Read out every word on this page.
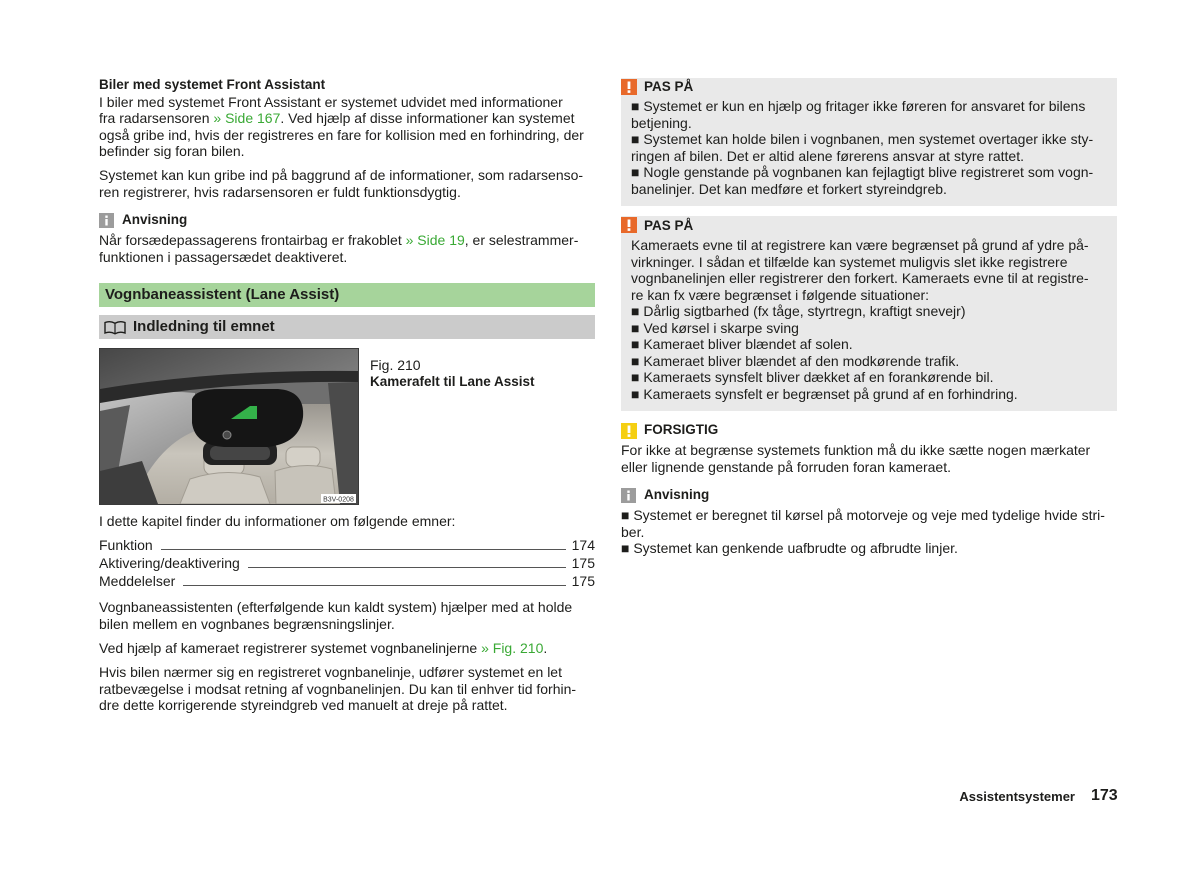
Biler med systemet Front Assistant
I biler med systemet Front Assistant er systemet udvidet med informationer
fra radarsensoren » Side 167. Ved hjælp af disse informationer kan systemet
også gribe ind, hvis der registreres en fare for kollision med en forhindring, der
befinder sig foran bilen.
Systemet kan kun gribe ind på baggrund af de informationer, som radarsenso-
ren registrerer, hvis radarsensoren er fuldt funktionsdygtig.
Anvisning
Når forsædepassagerens frontairbag er frakoblet » Side 19, er selestrammer-
funktionen i passagersædet deaktiveret.
Vognbaneassistent (Lane Assist)
Indledning til emnet
B3V-0208
Fig. 210
Kamerafelt til Lane Assist
I dette kapitel finder du informationer om følgende emner:
Funktion	174
Aktivering/deaktivering	175
Meddelelser	175
Vognbaneassistenten (efterfølgende kun kaldt system) hjælper med at holde
bilen mellem en vognbanes begrænsningslinjer.
Ved hjælp af kameraet registrerer systemet vognbanelinjerne » Fig. 210.
Hvis bilen nærmer sig en registreret vognbanelinje, udfører systemet en let
ratbevægelse i modsat retning af vognbanelinjen. Du kan til enhver tid forhin-
dre dette korrigerende styreindgreb ved manuelt at dreje på rattet.
PAS PÅ
■ Systemet er kun en hjælp og fritager ikke føreren for ansvaret for bilens
betjening.
■ Systemet kan holde bilen i vognbanen, men systemet overtager ikke sty-
ringen af bilen. Det er altid alene førerens ansvar at styre rattet.
■ Nogle genstande på vognbanen kan fejlagtigt blive registreret som vogn-
banelinjer. Det kan medføre et forkert styreindgreb.
PAS PÅ
Kameraets evne til at registrere kan være begrænset på grund af ydre på-
virkninger. I sådan et tilfælde kan systemet muligvis slet ikke registrere
vognbanelinjen eller registrerer den forkert. Kameraets evne til at registre-
re kan fx være begrænset i følgende situationer:
■ Dårlig sigtbarhed (fx tåge, styrtregn, kraftigt snevejr)
■ Ved kørsel i skarpe sving
■ Kameraet bliver blændet af solen.
■ Kameraet bliver blændet af den modkørende trafik.
■ Kameraets synsfelt bliver dækket af en forankørende bil.
■ Kameraets synsfelt er begrænset på grund af en forhindring.
FORSIGTIG
For ikke at begrænse systemets funktion må du ikke sætte nogen mærkater
eller lignende genstande på forruden foran kameraet.
Anvisning
■ Systemet er beregnet til kørsel på motorveje og veje med tydelige hvide stri-
ber.
■ Systemet kan genkende uafbrudte og afbrudte linjer.
Assistentsystemer 173
